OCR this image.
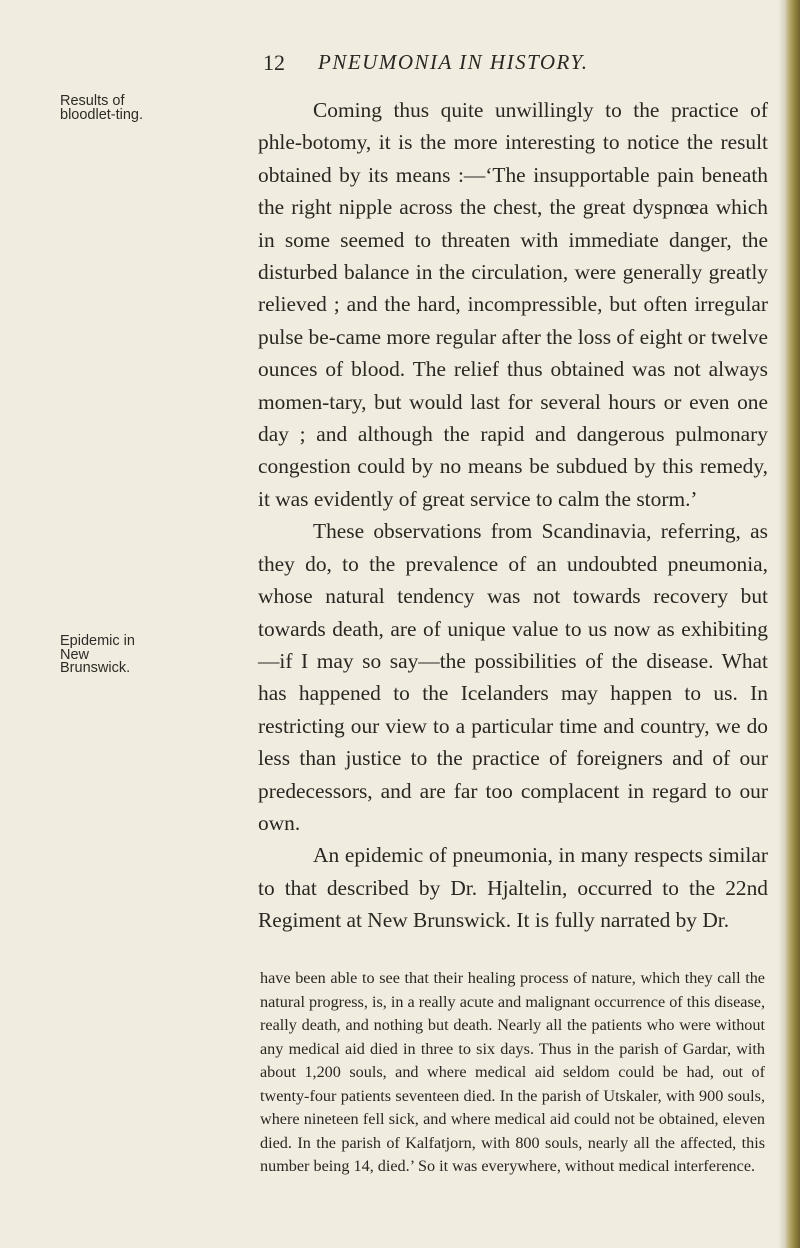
12 PNEUMONIA IN HISTORY.
Results of bloodlet-ting.
Epidemic in New Brunswick.

Coming thus quite unwillingly to the practice of phle-botomy, it is the more interesting to notice the result obtained by its means :—‘The insupportable pain beneath the right nipple across the chest, the great dyspnœa which in some seemed to threaten with immediate danger, the disturbed balance in the circulation, were generally greatly relieved ; and the hard, incompressible, but often irregular pulse be-came more regular after the loss of eight or twelve ounces of blood. The relief thus obtained was not always momen-tary, but would last for several hours or even one day ; and although the rapid and dangerous pulmonary congestion could by no means be subdued by this remedy, it was evidently of great service to calm the storm.’

These observations from Scandinavia, referring, as they do, to the prevalence of an undoubted pneumonia, whose natural tendency was not towards recovery but towards death, are of unique value to us now as exhibiting—if I may so say—the possibilities of the disease. What has happened to the Icelanders may happen to us. In restricting our view to a particular time and country, we do less than justice to the practice of foreigners and of our predecessors, and are far too complacent in regard to our own.

An epidemic of pneumonia, in many respects similar to that described by Dr. Hjaltelin, occurred to the 22nd Regiment at New Brunswick. It is fully narrated by Dr.

have been able to see that their healing process of nature, which they call the natural progress, is, in a really acute and malignant occurrence of this disease, really death, and nothing but death. Nearly all the patients who were without any medical aid died in three to six days. Thus in the parish of Gardar, with about 1,200 souls, and where medical aid seldom could be had, out of twenty-four patients seventeen died. In the parish of Utskaler, with 900 souls, where nineteen fell sick, and where medical aid could not be obtained, eleven died. In the parish of Kalfatjorn, with 800 souls, nearly all the affected, this number being 14, died.’ So it was everywhere, without medical interference.
